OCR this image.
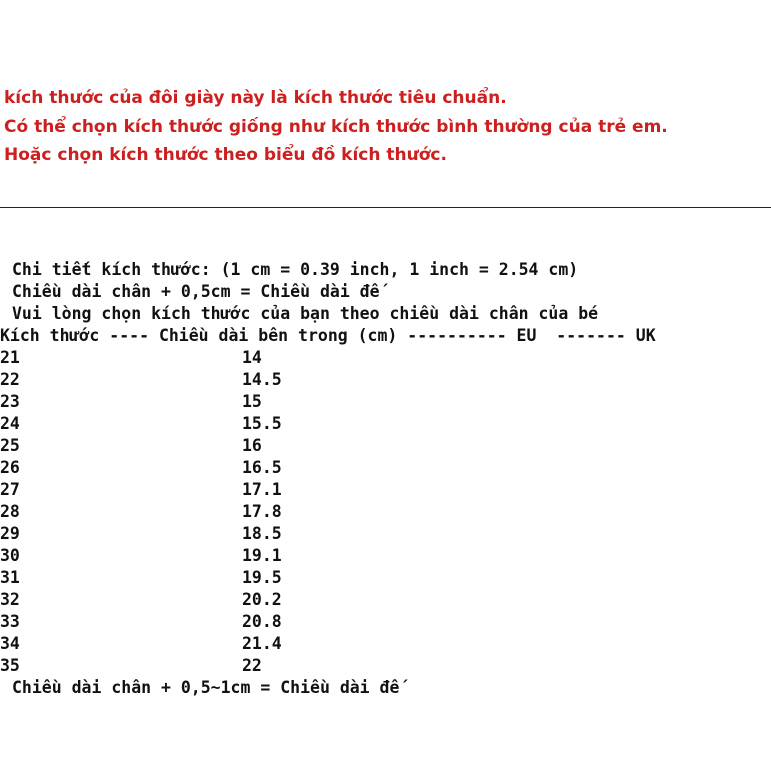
kích thước của đôi giày này là kích thước tiêu chuẩn.
Có thể chọn kích thước giống như kích thước bình thường của trẻ em.
Hoặc chọn kích thước theo biểu đồ kích thước.
Chi tiết kích thước: (1 cm = 0.39 inch, 1 inch = 2.54 cm)
Chiều dài chân + 0,5cm = Chiều dài đế
Vui lòng chọn kích thước của bạn theo chiều dài chân của bé
Kích thước ---- Chiều dài bên trong (cm) ---------- EU  ------- UK
21	14
22	14.5
23	15
24	15.5
25	16
26	16.5
27	17.1
28	17.8
29	18.5
30	19.1
31	19.5
32	20.2
33	20.8
34	21.4
35	22
Chiều dài chân + 0,5~1cm = Chiều dài đế
